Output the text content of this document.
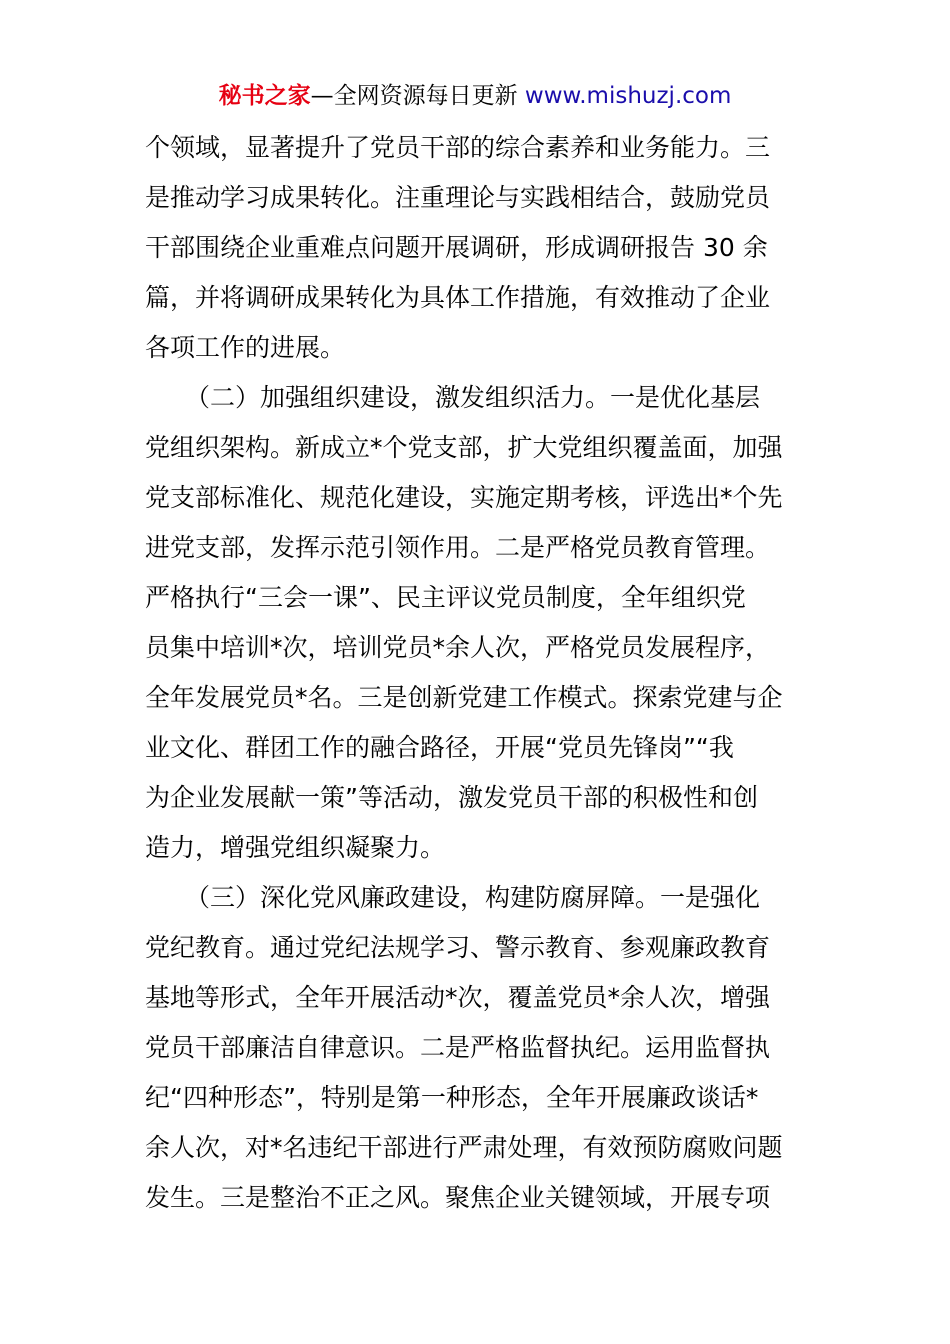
秘书之家—全网资源每日更新 www.mishuzj.com
个领域，显著提升了党员干部的综合素养和业务能力。三
是推动学习成果转化。注重理论与实践相结合，鼓励党员
干部围绕企业重难点问题开展调研，形成调研报告 30 余
篇，并将调研成果转化为具体工作措施，有效推动了企业
各项工作的进展。
（二）加强组织建设，激发组织活力。一是优化基层
党组织架构。新成立*个党支部，扩大党组织覆盖面，加强
党支部标准化、规范化建设，实施定期考核，评选出*个先
进党支部，发挥示范引领作用。二是严格党员教育管理。
严格执行“三会一课”、民主评议党员制度，全年组织党
员集中培训*次，培训党员*余人次，严格党员发展程序，
全年发展党员*名。三是创新党建工作模式。探索党建与企
业文化、群团工作的融合路径，开展“党员先锋岗”“我
为企业发展献一策”等活动，激发党员干部的积极性和创
造力，增强党组织凝聚力。
（三）深化党风廉政建设，构建防腐屏障。一是强化
党纪教育。通过党纪法规学习、警示教育、参观廉政教育
基地等形式，全年开展活动*次，覆盖党员*余人次，增强
党员干部廉洁自律意识。二是严格监督执纪。运用监督执
纪“四种形态”，特别是第一种形态，全年开展廉政谈话*
余人次，对*名违纪干部进行严肃处理，有效预防腐败问题
发生。三是整治不正之风。聚焦企业关键领域，开展专项
